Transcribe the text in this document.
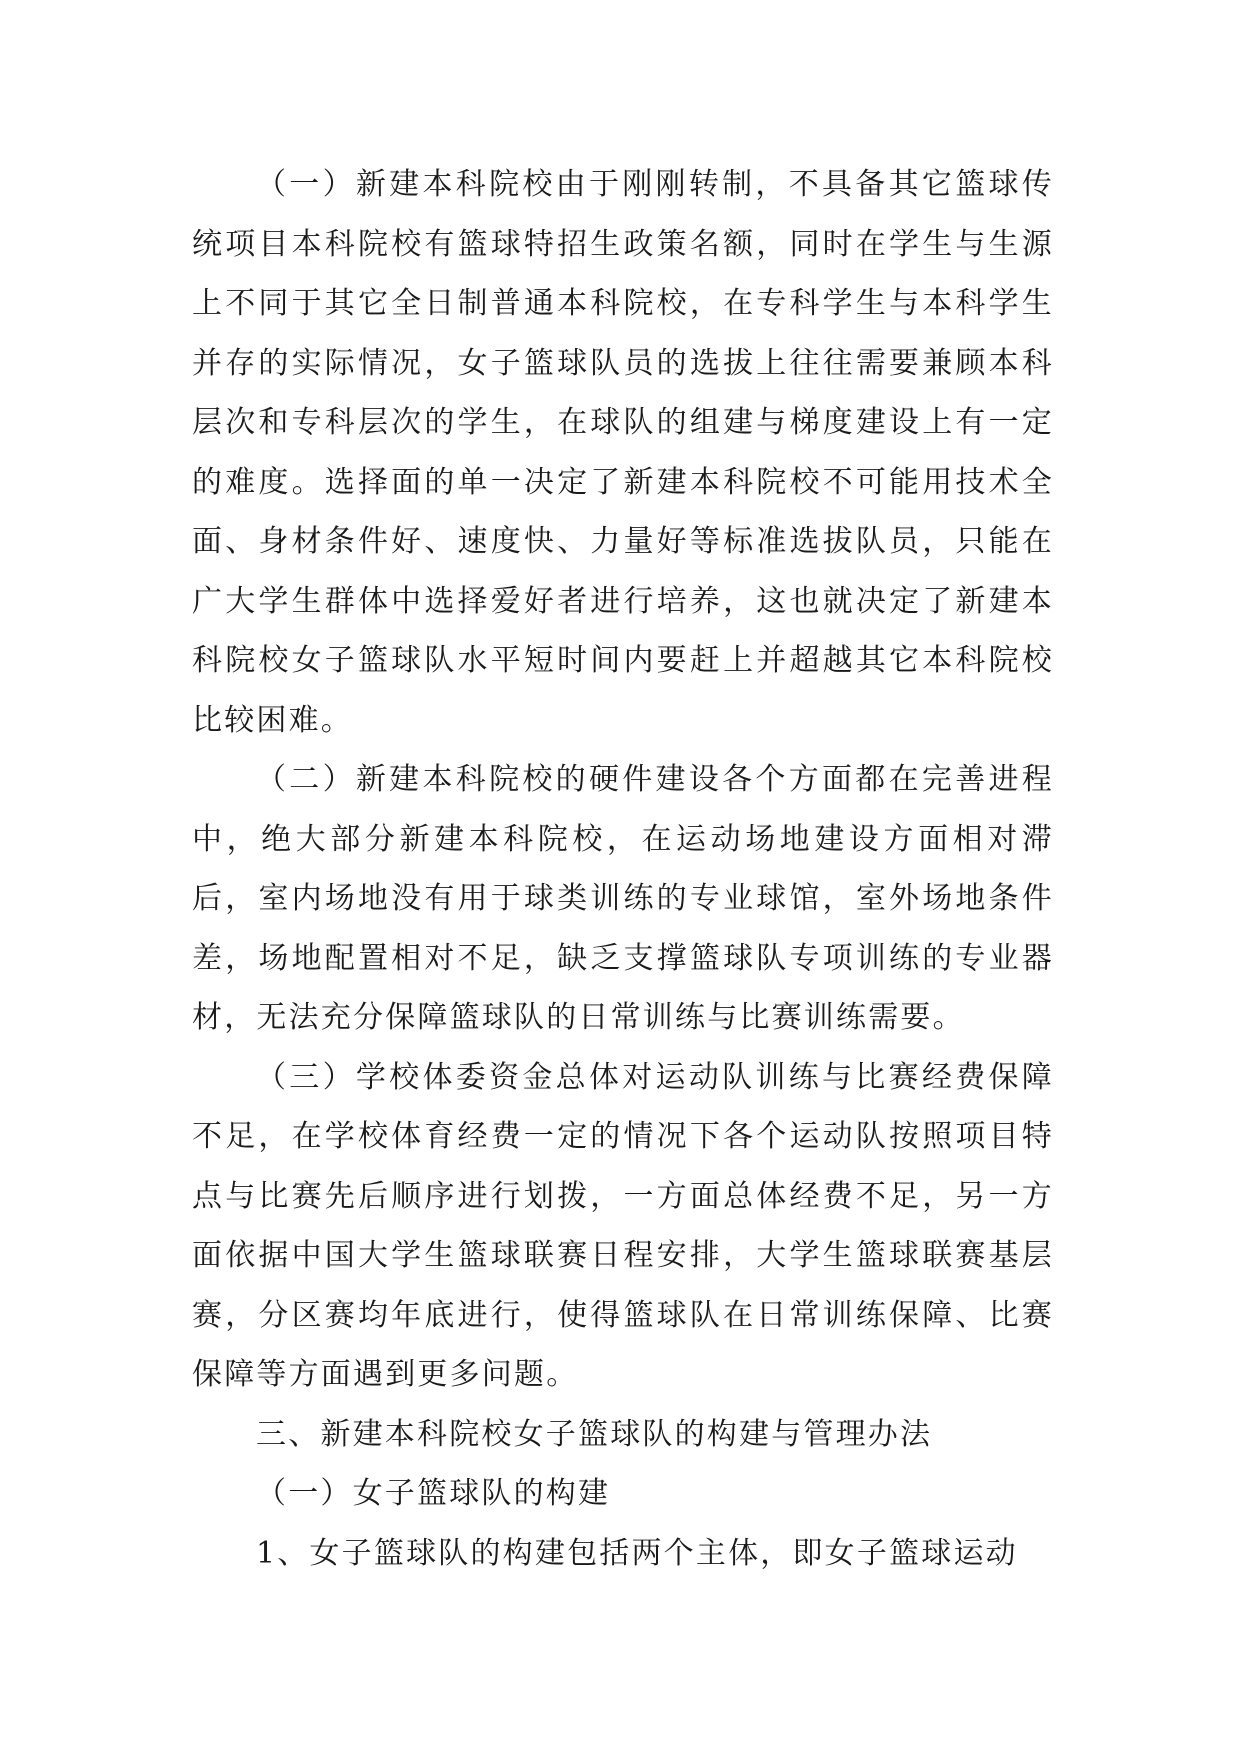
（一）新建本科院校由于刚刚转制，不具备其它篮球传统项目本科院校有篮球特招生政策名额，同时在学生与生源上不同于其它全日制普通本科院校，在专科学生与本科学生并存的实际情况，女子篮球队员的选拔上往往需要兼顾本科层次和专科层次的学生，在球队的组建与梯度建设上有一定的难度。选择面的单一决定了新建本科院校不可能用技术全面、身材条件好、速度快、力量好等标准选拔队员，只能在广大学生群体中选择爱好者进行培养，这也就决定了新建本科院校女子篮球队水平短时间内要赶上并超越其它本科院校比较困难。

（二）新建本科院校的硬件建设各个方面都在完善进程中，绝大部分新建本科院校，在运动场地建设方面相对滞后，室内场地没有用于球类训练的专业球馆，室外场地条件差，场地配置相对不足，缺乏支撑篮球队专项训练的专业器材，无法充分保障篮球队的日常训练与比赛训练需要。

（三）学校体委资金总体对运动队训练与比赛经费保障不足，在学校体育经费一定的情况下各个运动队按照项目特点与比赛先后顺序进行划拨，一方面总体经费不足，另一方面依据中国大学生篮球联赛日程安排，大学生篮球联赛基层赛，分区赛均年底进行，使得篮球队在日常训练保障、比赛保障等方面遇到更多问题。

三、新建本科院校女子篮球队的构建与管理办法

（一）女子篮球队的构建

1、女子篮球队的构建包括两个主体，即女子篮球运动
